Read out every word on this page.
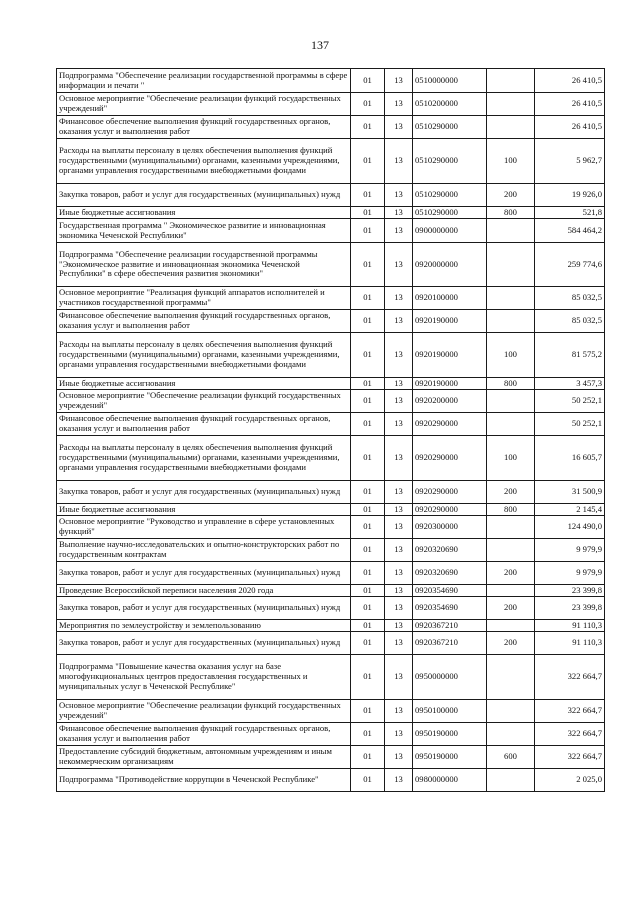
137
Подпрограмма "Обеспечение реализации государственной программы в сфере информации и печати "	01	13	0510000000		26 410,5
Основное мероприятие "Обеспечение реализации функций государственных учреждений"	01	13	0510200000		26 410,5
Финансовое обеспечение выполнения функций государственных органов, оказания услуг и выполнения работ	01	13	0510290000		26 410,5
Расходы на выплаты персоналу в целях обеспечения выполнения функций государственными (муниципальными) органами, казенными учреждениями, органами управления государственными внебюджетными фондами	01	13	0510290000	100	5 962,7
Закупка товаров, работ и услуг для государственных (муниципальных) нужд	01	13	0510290000	200	19 926,0
Иные бюджетные ассигнования	01	13	0510290000	800	521,8
Государственная программа " Экономическое развитие и инновационная экономика Чеченской Республики"	01	13	0900000000		584 464,2
Подпрограмма "Обеспечение реализации государственной программы "Экономическое развитие и инновационная экономика Чеченской Республики" в сфере обеспечения развития экономики"	01	13	0920000000		259 774,6
Основное мероприятие "Реализация функций аппаратов исполнителей и участников государственной программы"	01	13	0920100000		85 032,5
Финансовое обеспечение выполнения функций государственных органов, оказания услуг и выполнения работ	01	13	0920190000		85 032,5
Расходы на выплаты персоналу в целях обеспечения выполнения функций государственными (муниципальными) органами, казенными учреждениями, органами управления государственными внебюджетными фондами	01	13	0920190000	100	81 575,2
Иные бюджетные ассигнования	01	13	0920190000	800	3 457,3
Основное мероприятие "Обеспечение реализации функций государственных учреждений"	01	13	0920200000		50 252,1
Финансовое обеспечение выполнения функций государственных органов, оказания услуг и выполнения работ	01	13	0920290000		50 252,1
Расходы на выплаты персоналу в целях обеспечения выполнения функций государственными (муниципальными) органами, казенными учреждениями, органами управления государственными внебюджетными фондами	01	13	0920290000	100	16 605,7
Закупка товаров, работ и услуг для государственных (муниципальных) нужд	01	13	0920290000	200	31 500,9
Иные бюджетные ассигнования	01	13	0920290000	800	2 145,4
Основное мероприятие "Руководство и управление в сфере установленных функций"	01	13	0920300000		124 490,0
Выполнение научно-исследовательских и опытно-конструкторских работ по государственным контрактам	01	13	0920320690		9 979,9
Закупка товаров, работ и услуг для государственных (муниципальных) нужд	01	13	0920320690	200	9 979,9
Проведение Всероссийской переписи населения 2020 года	01	13	0920354690		23 399,8
Закупка товаров, работ и услуг для государственных (муниципальных) нужд	01	13	0920354690	200	23 399,8
Мероприятия по землеустройству и землепользованию	01	13	0920367210		91 110,3
Закупка товаров, работ и услуг для государственных (муниципальных) нужд	01	13	0920367210	200	91 110,3
Подпрограмма "Повышение качества оказания услуг на базе многофункциональных центров предоставления государственных и муниципальных услуг в Чеченской Республике"	01	13	0950000000		322 664,7
Основное мероприятие "Обеспечение реализации функций государственных учреждений"	01	13	0950100000		322 664,7
Финансовое обеспечение выполнения функций государственных органов, оказания услуг и выполнения работ	01	13	0950190000		322 664,7
Предоставление субсидий бюджетным, автономным учреждениям и иным некоммерческим организациям	01	13	0950190000	600	322 664,7
Подпрограмма "Противодействие коррупции в Чеченской Республике"	01	13	0980000000		2 025,0
